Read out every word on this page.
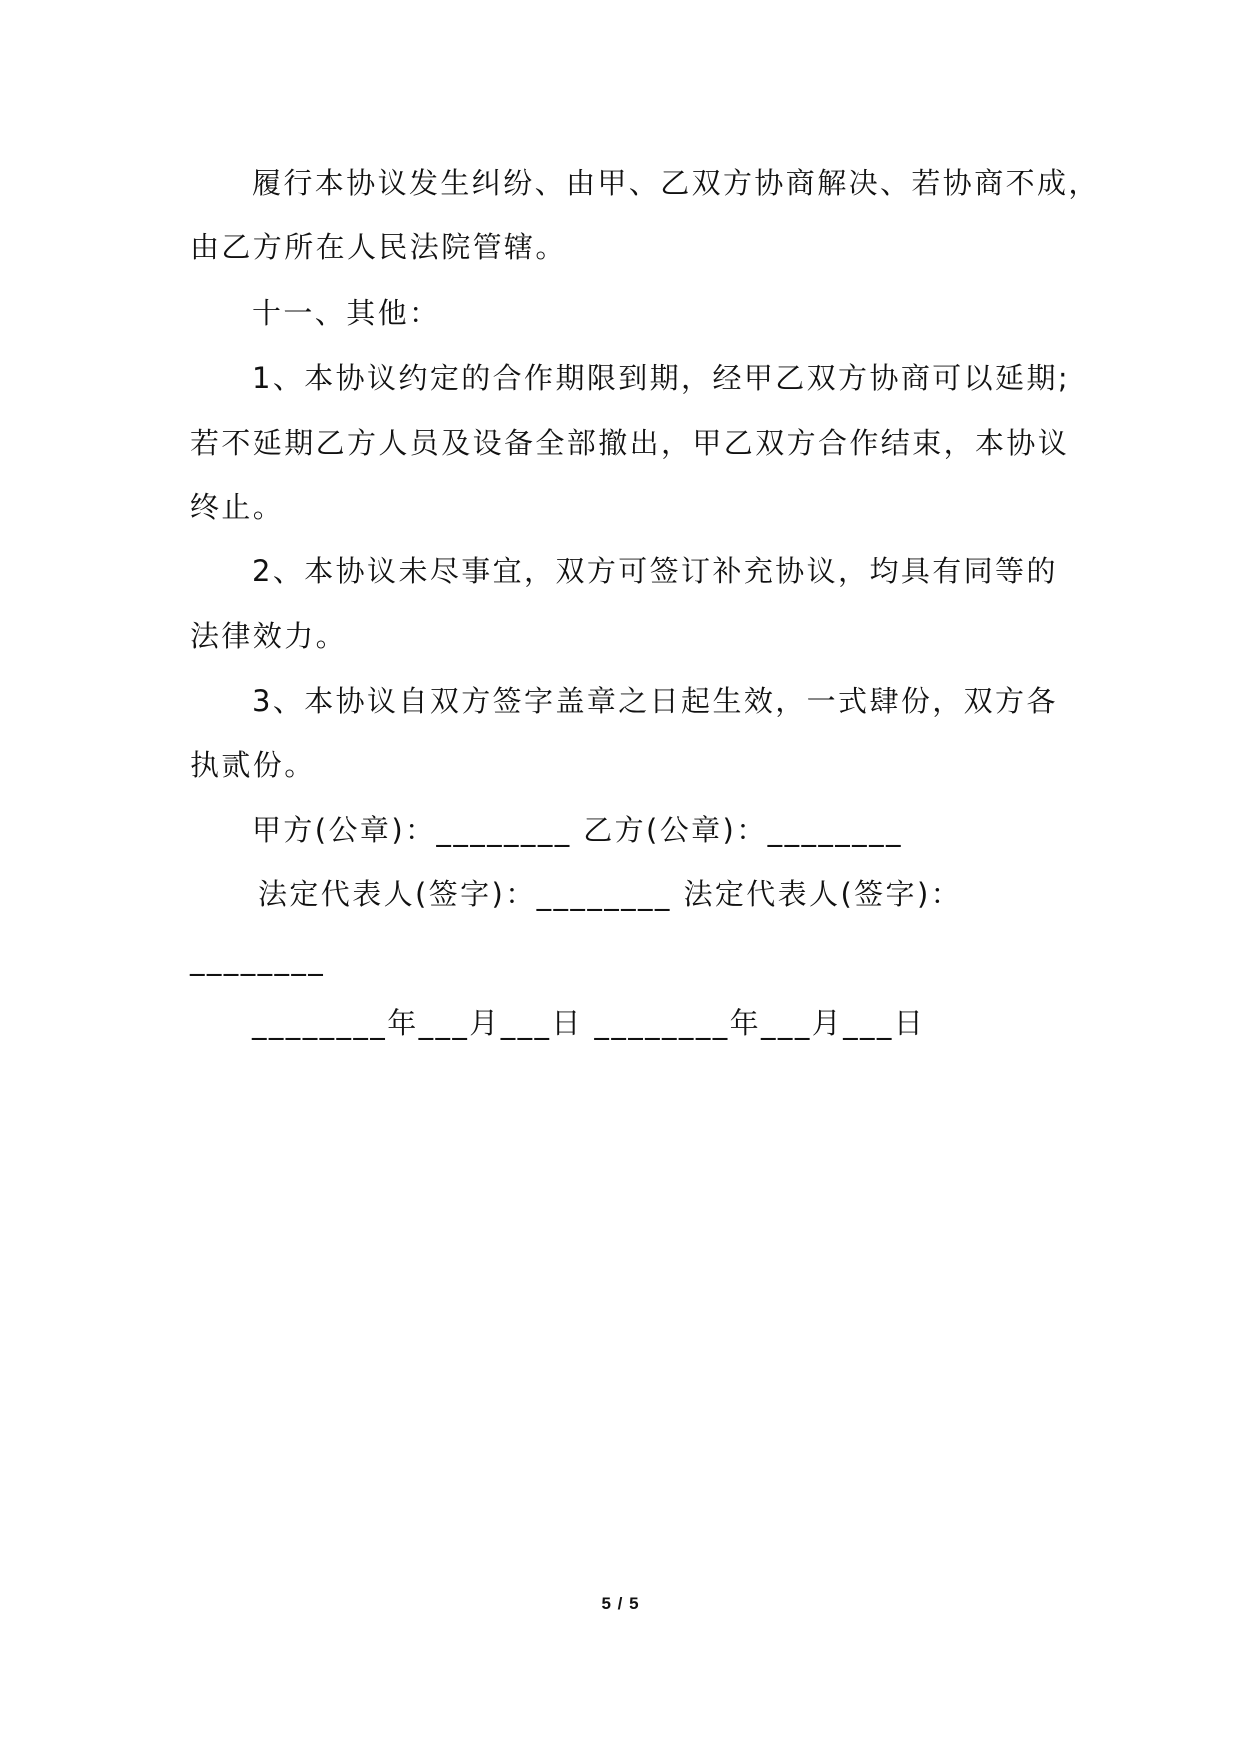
履行本协议发生纠纷、由甲、乙双方协商解决、若协商不成，
由乙方所在人民法院管辖。
十一、其他：
1、本协议约定的合作期限到期，经甲乙双方协商可以延期;
若不延期乙方人员及设备全部撤出，甲乙双方合作结束，本协议
终止。
2、本协议未尽事宜，双方可签订补充协议，均具有同等的
法律效力。
3、本协议自双方签字盖章之日起生效，一式肆份，双方各
执贰份。
甲方(公章)：________ 乙方(公章)：________
法定代表人(签字)：________ 法定代表人(签字)：
________
________年___月___日 ________年___月___日
5 / 5
